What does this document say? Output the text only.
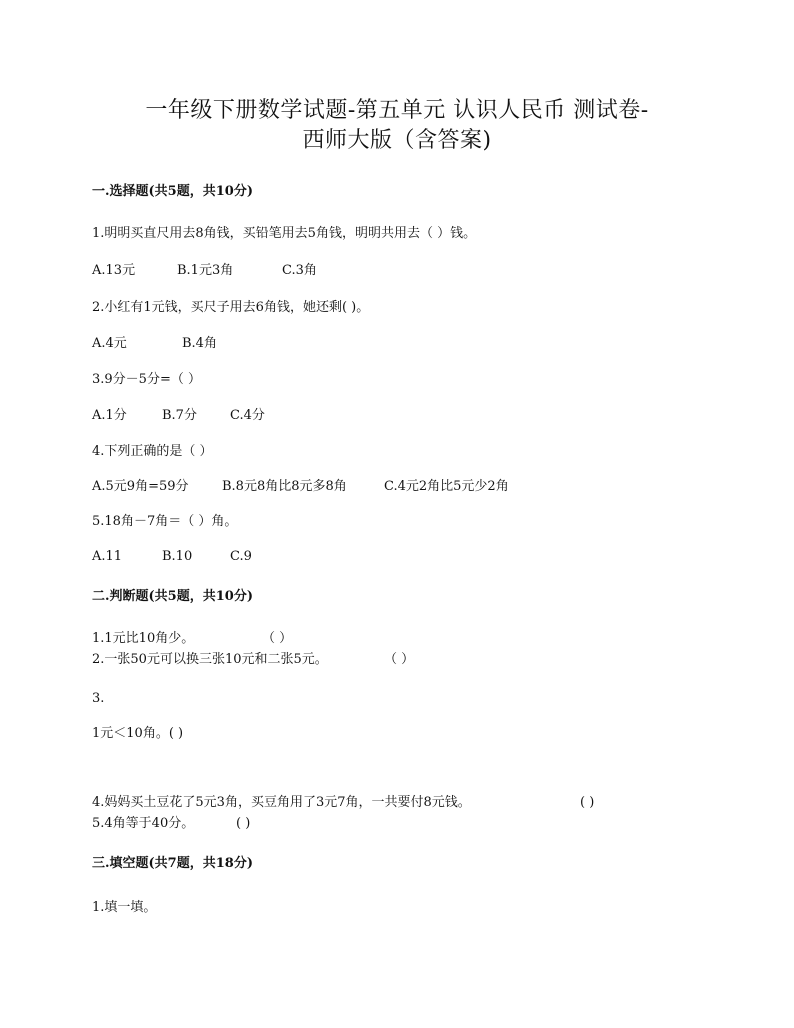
一年级下册数学试题-第五单元 认识人民币 测试卷-
西师大版（含答案)
一.选择题(共5题，共10分)
1.明明买直尺用去8角钱，买铅笔用去5角钱，明明共用去（ ）钱。
A.13元	B.1元3角	C.3角
2.小红有1元钱，买尺子用去6角钱，她还剩( )。
A.4元	B.4角
3.9分－5分=（ ）
A.1分	B.7分	C.4分
4.下列正确的是（ ）
A.5元9角=59分	B.8元8角比8元多8角	C.4元2角比5元少2角
5.18角－7角＝（ ）角。
A.11	B.10	C.9
二.判断题(共5题，共10分)
1.1元比10角少。	（ ）
2.一张50元可以换三张10元和二张5元。	（ ）
3.
1元＜10角。( )
4.妈妈买土豆花了5元3角，买豆角用了3元7角，一共要付8元钱。	( )
5.4角等于40分。	( )
三.填空题(共7题，共18分)
1.填一填。
